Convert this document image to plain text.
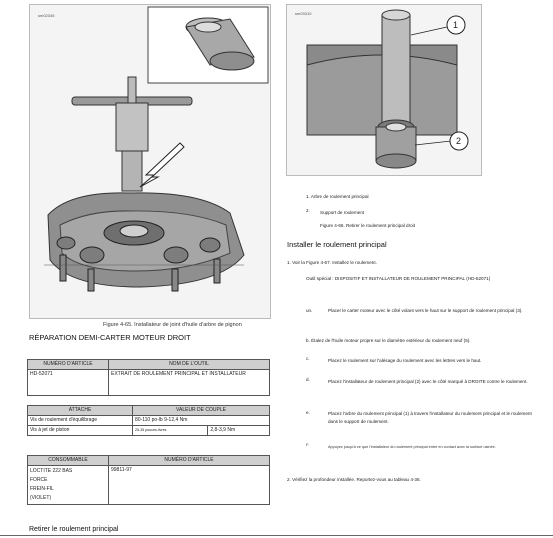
sm02345
Figure 4-65. Installateur de joint d'huile d'arbre de pignon
sm03310
1
2
1. Arbre de roulement principal
2. Support de roulement
Figure 4-66. Retirer le roulement principal droit
RÉPARATION DEMI-CARTER MOTEUR DROIT
NUMÉRO D'ARTICLE	NOM DE L'OUTIL
HD-52071	EXTRAIT DE ROULEMENT PRINCIPAL ET INSTALLATEUR
ATTACHE	VALEUR DE COUPLE	
Vis de roulement d'équilibrage	80-110 po-lb 9-12,4 Nm	
Vis à jet de piston	25-35 pouces-livres	2,8-3,9 Nm
CONSOMMABLE	NUMÉRO D'ARTICLE

LOCTITE 222 BAS
FORCE
FREIN-FIL
(VIOLET)	99811-97
Retirer le roulement principal
Installer le roulement principal
1. Voir la Figure 4-67. Installez le roulement.
Outil spécial : DISPOSITIF ET INSTALLATEUR DE ROULEMENT PRINCIPAL (HD-52071)
un.	Placer le carter moteur avec le côté volant vers le haut sur le support de roulement principal (3).
b. Étalez de l'huile moteur propre sur le diamètre extérieur du roulement neuf (5).
c.	Placez le roulement sur l'alésage du roulement avec les lettres vers le haut.
d.	Placez l'installateur de roulement principal (2) avec le côté marqué à DROITE contre le roulement.
e.	Placez l'arbre du roulement principal (1) à travers l'installateur du roulement principal et le roulement dans le support de roulement.
F.	Appuyez jusqu'à ce que l'installateur du roulement principal entre en contact avec la surface usinée.
2. Vérifiez la profondeur installée. Reportez-vous au tableau 4-36.
